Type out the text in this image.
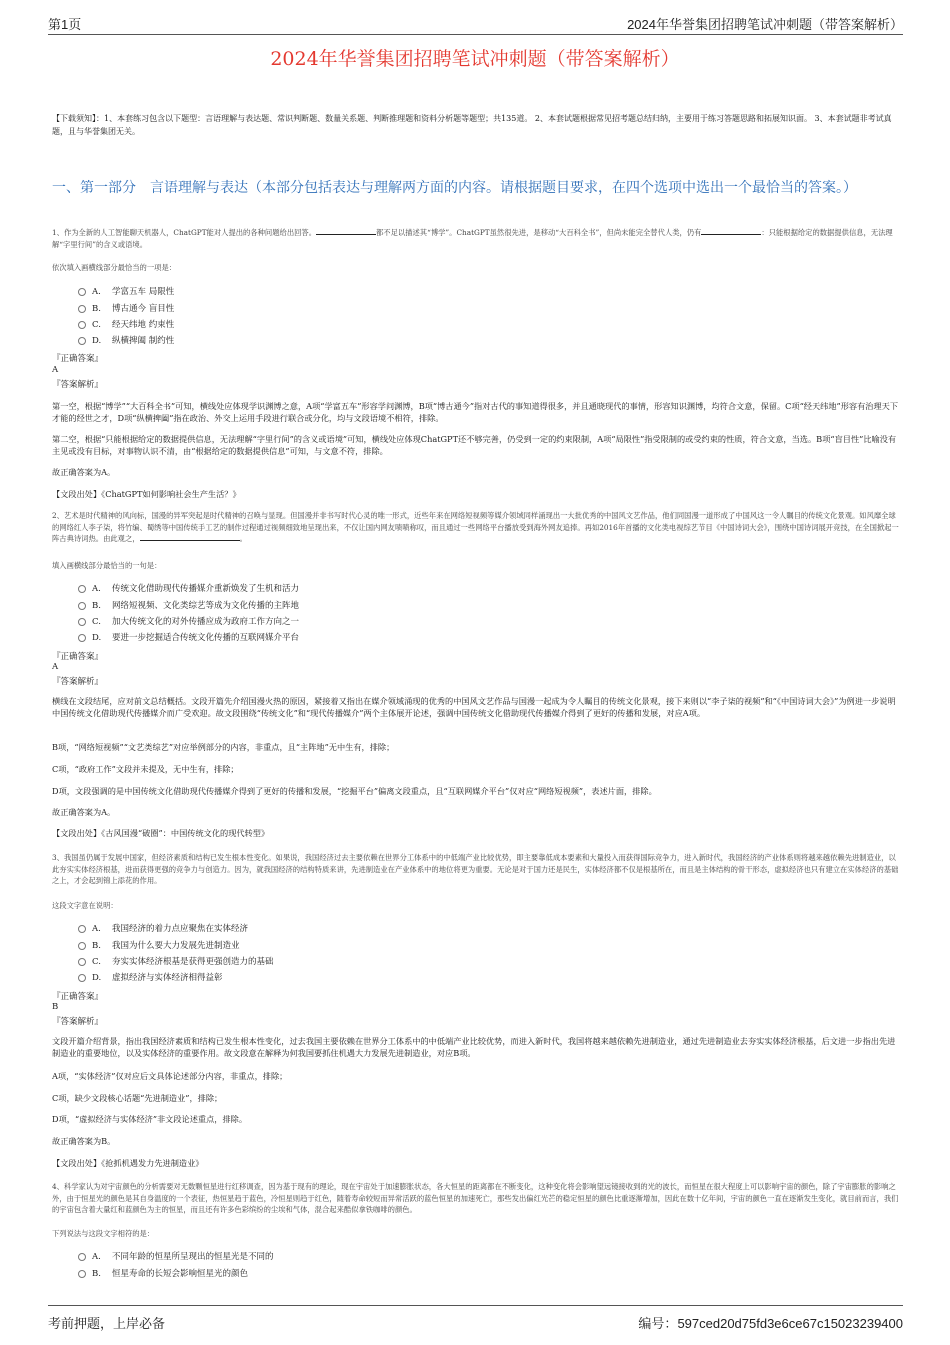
第1页	2024年华誉集团招聘笔试冲刺题（带答案解析）
2024年华誉集团招聘笔试冲刺题（带答案解析）
【下载须知】：1、本套练习包含以下题型：言语理解与表达题、常识判断题、数量关系题、判断推理题和资料分析题等题型；共135道。 2、本套试题根据常见招考题总结归纳，主要用于练习答题思路和拓展知识面。 3、本套试题非考试真题，且与华誉集团无关。
一、第一部分　言语理解与表达（本部分包括表达与理解两方面的内容。请根据题目要求，在四个选项中选出一个最恰当的答案。）
1、作为全新的人工智能聊天机器人，ChatGPT能对人提出的各种问题给出回答。	都不足以描述其“博学”。ChatGPT虽然很先进，是移动“大百科全书”，但尚未能完全替代人类，仍有	：只能根据给定的数据提供信息，无法理解“字里行间”的含义或语境。
依次填入画横线部分最恰当的一项是：
A. 学富五车 局限性
B. 博古通今 盲目性
C. 经天纬地 约束性
D. 纵横捭阖 制约性
『正确答案』
A
『答案解析』
第一空，根据“博学”“大百科全书”可知，横线处应体现学识渊博之意，A项“学富五车”形容学问渊博，B项“博古通今”指对古代的事知道得很多，并且通晓现代的事情，形容知识渊博，均符合文意，保留。C项“经天纬地”形容有治理天下才能的经世之才，D项“纵横捭阖”指在政治、外交上运用手段进行联合或分化，均与文段语境不相符，排除。
第二空，根据“只能根据给定的数据提供信息，无法理解“字里行间”的含义或语境”可知，横线处应体现ChatGPT还不够完善，仍受到一定的约束限制，A项“局限性”指受限制的或受约束的性质，符合文意，当选。B项“盲目性”比喻没有主见或没有目标，对事物认识不清，由“根据给定的数据提供信息”可知，与文意不符，排除。
故正确答案为A。
【文段出处】《ChatGPT如何影响社会生产生活？》
2、艺术是时代精神的风向标，国漫的异军突起是时代精神的召唤与显现。但国漫并非书写时代心灵的唯一形式，近些年来在网络短视频等媒介领域同样涌现出一大批优秀的中国风文艺作品，他们同国漫一道形成了中国风这一令人瞩目的传统文化景观。如风靡全球的网络红人李子柒，将竹编、蜀绣等中国传统手工艺的制作过程通过视频细致地呈现出来，不仅让国内网友啧啧称叹，而且通过一些网络平台播放受到海外网友追捧。再如2016年首播的文化类电视综艺节目《中国诗词大会》，围绕中国诗词展开竞技，在全国掀起一阵古典诗词热。由此观之，	。
填入画横线部分最恰当的一句是：
A. 传统文化借助现代传播媒介重新焕发了生机和活力
B. 网络短视频、文化类综艺等成为文化传播的主阵地
C. 加大传统文化的对外传播应成为政府工作方向之一
D. 要进一步挖掘适合传统文化传播的互联网媒介平台
『正确答案』
A
『答案解析』
横线在文段结尾，应对前文总结概括。文段开篇先介绍国漫火热的原因，紧接着又指出在媒介领域涌现的优秀的中国风文艺作品与国漫一起成为令人瞩目的传统文化景观，接下来则以“李子柒的视频”和“《中国诗词大会》”为例进一步说明中国传统文化借助现代传播媒介而广受欢迎。故文段围绕“传统文化”和“现代传播媒介”两个主体展开论述，强调中国传统文化借助现代传播媒介得到了更好的传播和发展，对应A项。
B项，“网络短视频”“文艺类综艺”对应举例部分的内容，非重点，且“主阵地”无中生有，排除；
C项，“政府工作”文段并未提及，无中生有，排除；
D项，文段强调的是中国传统文化借助现代传播媒介得到了更好的传播和发展，“挖掘平台”偏离文段重点，且“互联网媒介平台”仅对应“网络短视频”，表述片面，排除。
故正确答案为A。
【文段出处】《古风国漫“破圈”：中国传统文化的现代转型》
3、我国虽仍属于发展中国家，但经济素质和结构已发生根本性变化。如果说，我国经济过去主要依赖在世界分工体系中的中低端产业比较优势，即主要靠低成本要素和大量投入而获得国际竞争力，进入新时代，我国经济的产业体系则将越来越依赖先进制造业，以此夯实实体经济根基，进而获得更强的竞争力与创造力。因为，就我国经济的结构特质来讲，先进制造业在产业体系中的地位将更为重要。无论是对于国力还是民生，实体经济都不仅是根基所在，而且是主体结构的骨干形态，虚拟经济也只有建立在实体经济的基础之上，才会起到锦上添花的作用。
这段文字意在说明：
A. 我国经济的着力点应聚焦在实体经济
B. 我国为什么要大力发展先进制造业
C. 夯实实体经济根基是获得更强创造力的基础
D. 虚拟经济与实体经济相得益彰
『正确答案』
B
『答案解析』
文段开篇介绍背景，指出我国经济素质和结构已发生根本性变化，过去我国主要依赖在世界分工体系中的中低端产业比较优势，而进入新时代，我国将越来越依赖先进制造业，通过先进制造业去夯实实体经济根基，后文进一步指出先进制造业的重要地位，以及实体经济的重要作用。故文段意在解释为何我国要抓住机遇大力发展先进制造业，对应B项。
A项，“实体经济”仅对应后文具体论述部分内容，非重点，排除；
C项，缺少文段核心话题“先进制造业”，排除；
D项，“虚拟经济与实体经济”非文段论述重点，排除。
故正确答案为B。
【文段出处】《抢抓机遇发力先进制造业》
4、科学家认为对宇宙颜色的分析需要对无数颗恒星进行红移调查，因为基于现有的理论，现在宇宙处于加速膨胀状态，各大恒星的距离都在不断变化，这种变化将会影响望远镜接收到的光的波长，而恒星在很大程度上可以影响宇宙的颜色，除了宇宙膨胀的影响之外，由于恒星光的颜色是其自身温度的一个表征，热恒星趋于蓝色，冷恒星则趋于红色，随着寿命较短而异常活跃的蓝色恒星的加速死亡，那些发出偏红光芒的稳定恒星的颜色比重逐渐增加，因此在数十亿年间，宇宙的颜色一直在逐渐发生变化，就目前而言，我们的宇宙包含着大量红和蓝颜色为主的恒星，而且还有许多色彩缤纷的尘埃和气体，混合起来酷似拿铁咖啡的颜色。
下列说法与这段文字相符的是：
A. 不同年龄的恒星所呈现出的恒星光是不同的
B. 恒星寿命的长短会影响恒星光的颜色
考前押题，上岸必备	编号：597ced20d75fd3e6ce67c15023239400
